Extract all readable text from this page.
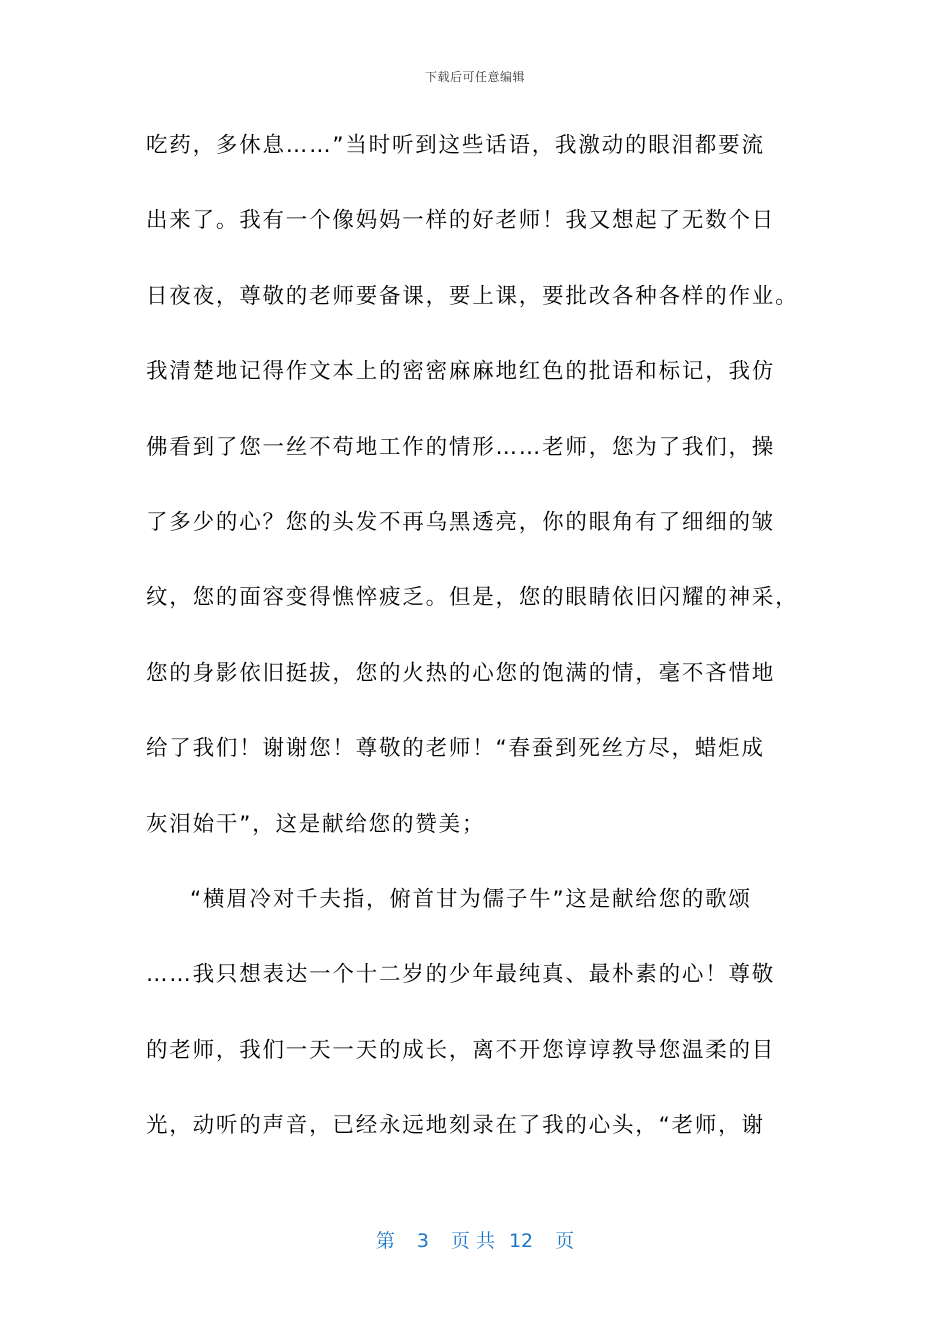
下载后可任意编辑
吃药，多休息……”当时听到这些话语，我激动的眼泪都要流
出来了。我有一个像妈妈一样的好老师！我又想起了无数个日
日夜夜，尊敬的老师要备课，要上课，要批改各种各样的作业。
我清楚地记得作文本上的密密麻麻地红色的批语和标记，我仿
佛看到了您一丝不苟地工作的情形……老师，您为了我们，操
了多少的心？您的头发不再乌黑透亮，你的眼角有了细细的皱
纹，您的面容变得憔悴疲乏。但是，您的眼睛依旧闪耀的神采，
您的身影依旧挺拔，您的火热的心您的饱满的情，毫不吝惜地
给了我们！谢谢您！尊敬的老师！“春蚕到死丝方尽，蜡炬成
灰泪始干”，这是献给您的赞美；
“横眉冷对千夫指，俯首甘为儒子牛”这是献给您的歌颂
……我只想表达一个十二岁的少年最纯真、最朴素的心！尊敬
的老师，我们一天一天的成长，离不开您谆谆教导您温柔的目
光，动听的声音，已经永远地刻录在了我的心头，“老师，谢
第 3 页 共 12 页
